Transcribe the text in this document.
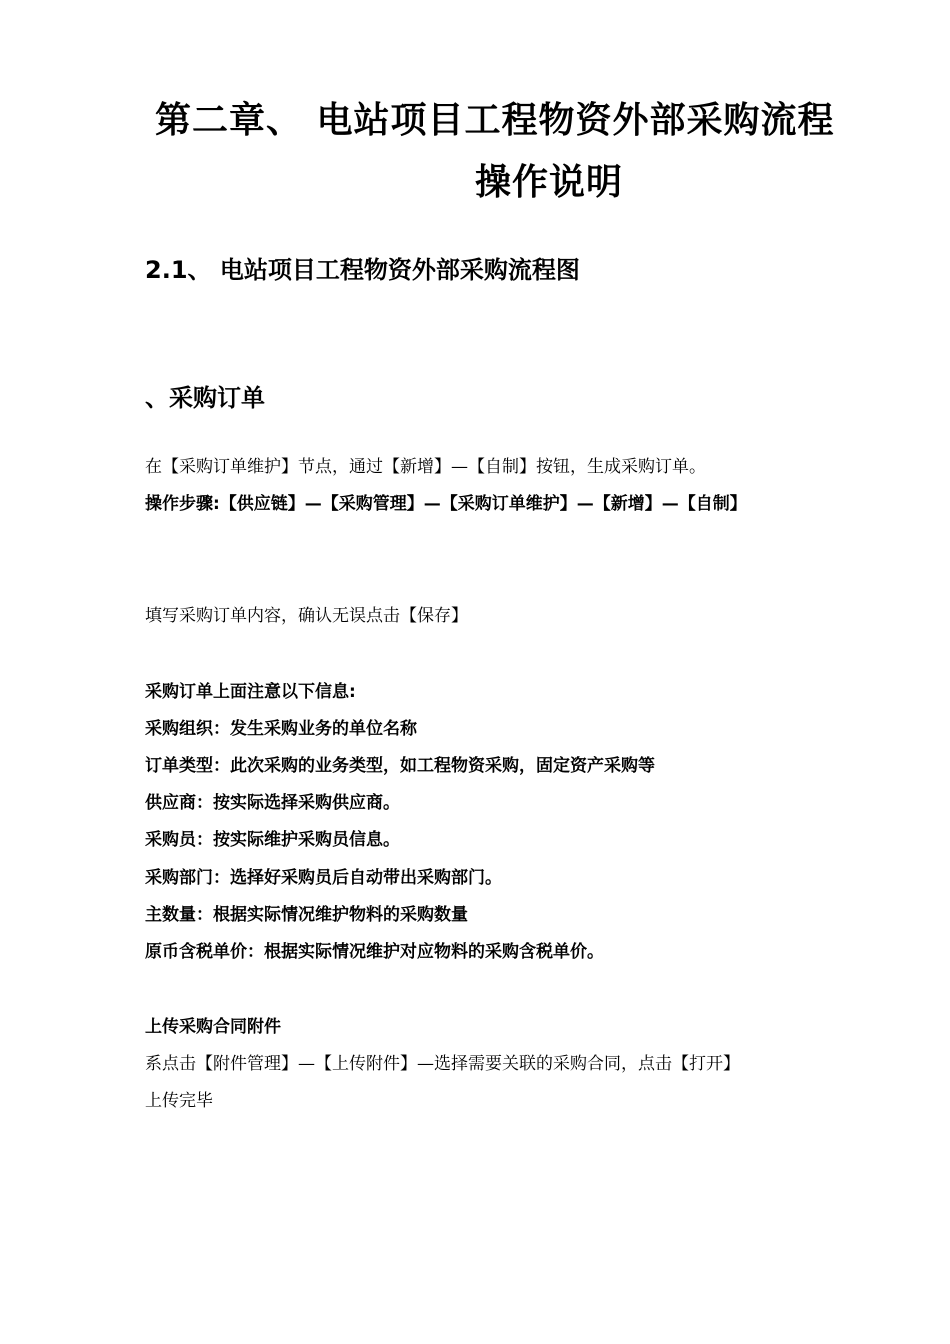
第二章、 电站项目工程物资外部采购流程
操作说明
2.1、 电站项目工程物资外部采购流程图
、采购订单
在【采购订单维护】节点，通过【新增】—【自制】按钮，生成采购订单。
操作步骤:【供应链】—【采购管理】—【采购订单维护】—【新增】—【自制】
填写采购订单内容，确认无误点击【保存】
采购订单上面注意以下信息:
采购组织：发生采购业务的单位名称
订单类型：此次采购的业务类型，如工程物资采购，固定资产采购等
供应商：按实际选择采购供应商。
采购员：按实际维护采购员信息。
采购部门：选择好采购员后自动带出采购部门。
主数量：根据实际情况维护物料的采购数量
原币含税单价：根据实际情况维护对应物料的采购含税单价。
上传采购合同附件
系点击【附件管理】—【上传附件】—选择需要关联的采购合同，点击【打开】
上传完毕
